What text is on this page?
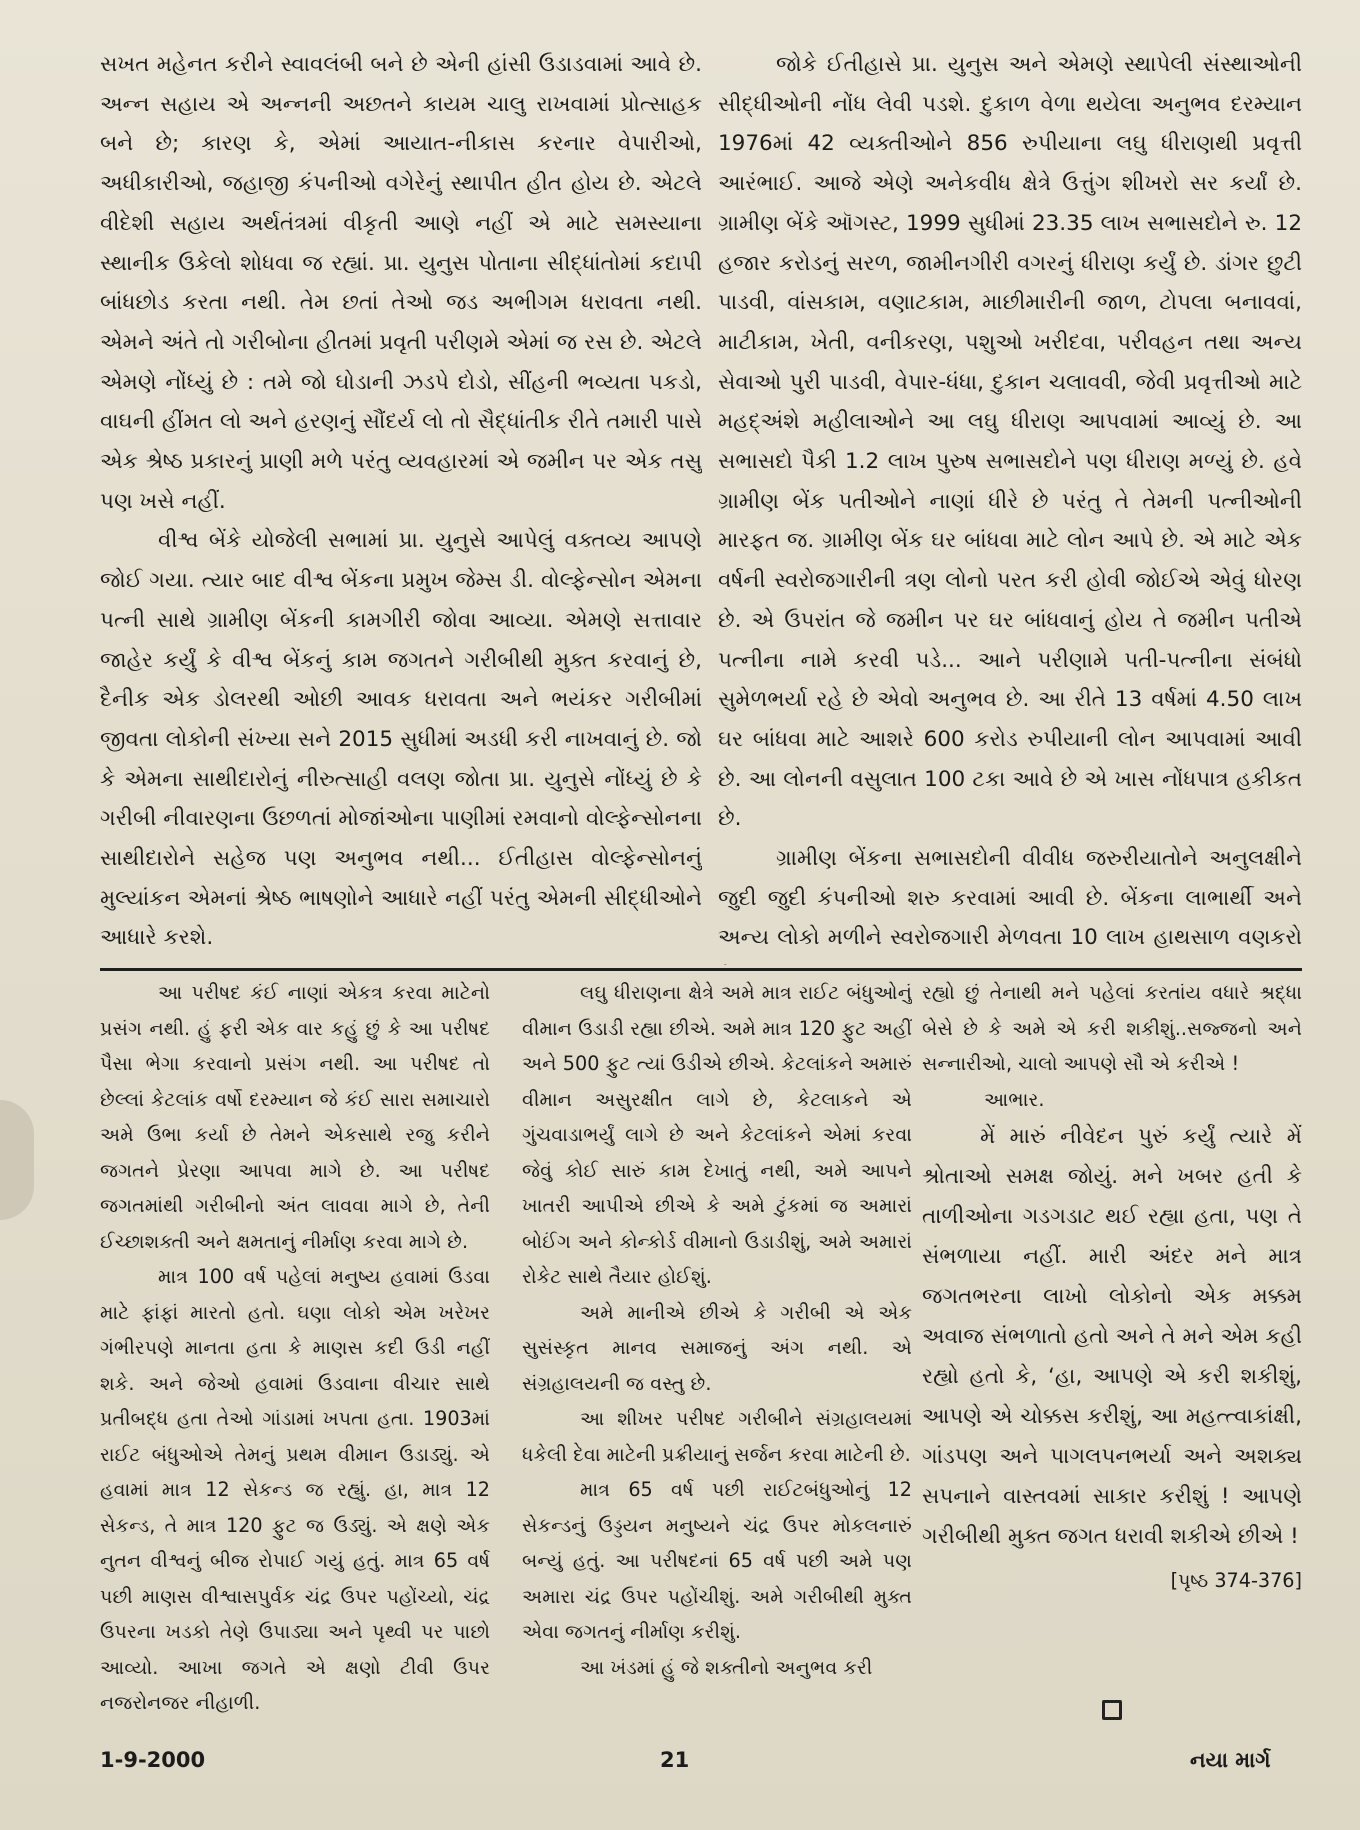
સખત મહેનત કરીને સ્વાવલંબી બને છે એની હાંસી ઉડાડવામાં આવે છે. અન્ન સહાય એ અન્નની અછતને કાયમ ચાલુ રાખવામાં પ્રોત્સાહક બને છે; કારણ કે, એમાં આયાત-નીકાસ કરનાર વેપારીઓ, અધીકારીઓ, જહાજી કંપનીઓ વગેરેનું સ્થાપીત હીત હોય છે. એટલે વીદેશી સહાય અર્થતંત્રમાં વીકૃતી આણે નહીં એ માટે સમસ્યાના સ્થાનીક ઉકેલો શોધવા જ રહ્યાં. પ્રા. યુનુસ પોતાના સીદ્ધાંતોમાં કદાપી બાંધછોડ કરતા નથી. તેમ છતાં તેઓ જડ અભીગમ ધરાવતા નથી. એમને અંતે તો ગરીબોના હીતમાં પ્રવૃતી પરીણમે એમાં જ રસ છે. એટલે એમણે નોંધ્યું છે : તમે જો ઘોડાની ઝડપે દોડો, સીંહની ભવ્યતા પકડો, વાઘની હીંમત લો અને હરણનું સૌંદર્ય લો તો સૈદ્ધાંતીક રીતે તમારી પાસે એક શ્રેષ્ઠ પ્રકારનું પ્રાણી મળે પરંતુ વ્યવહારમાં એ જમીન પર એક તસુ પણ ખસે નહીં.

વીશ્વ બેંકે યોજેલી સભામાં પ્રા. યુનુસે આપેલું વક્તવ્ય આપણે જોઈ ગયા. ત્યાર બાદ વીશ્વ બેંકના પ્રમુખ જેમ્સ ડી. વોલ્ફેન્સોન એમના પત્ની સાથે ગ્રામીણ બેંકની કામગીરી જોવા આવ્યા. એમણે સત્તાવાર જાહેર કર્યું કે વીશ્વ બેંકનું કામ જગતને ગરીબીથી મુક્ત કરવાનું છે, દૈનીક એક ડોલરથી ઓછી આવક ધરાવતા અને ભયંકર ગરીબીમાં જીવતા લોકોની સંખ્યા સને 2015 સુધીમાં અડધી કરી નાખવાનું છે. જો કે એમના સાથીદારોનું નીરુત્સાહી વલણ જોતા પ્રા. યુનુસે નોંધ્યું છે કે ગરીબી નીવારણના ઉછળતાં મોજાંઓના પાણીમાં રમવાનો વોલ્ફેન્સોનના સાથીદારોને સહેજ પણ અનુભવ નથી... ઈતીહાસ વોલ્ફેન્સોનનું મુલ્યાંકન એમનાં શ્રેષ્ઠ ભાષણોને આધારે નહીં પરંતુ એમની સીદ્ધીઓને આધારે કરશે.

જોકે ઈતીહાસે પ્રા. યુનુસ અને એમણે સ્થાપેલી સંસ્થાઓની સીદ્ધીઓની નોંધ લેવી પડશે. દુકાળ વેળા થયેલા અનુભવ દરમ્યાન 1976માં 42 વ્યક્તીઓને 856 રુપીયાના લઘુ ધીરાણથી પ્રવૃત્તી આરંભાઈ. આજે એણે અનેકવીધ ક્ષેત્રે ઉત્તુંગ શીખરો સર કર્યાં છે. ગ્રામીણ બેંકે ઑગસ્ટ, 1999 સુધીમાં 23.35 લાખ સભાસદોને રુ. 12 હજાર કરોડનું સરળ, જામીનગીરી વગરનું ધીરાણ કર્યું છે. ડાંગર છુટી પાડવી, વાંસકામ, વણાટકામ, માછીમારીની જાળ, ટોપલા બનાવવાં, માટીકામ, ખેતી, વનીકરણ, પશુઓ ખરીદવા, પરીવહન તથા અન્ય સેવાઓ પુરી પાડવી, વેપાર-ધંધા, દુકાન ચલાવવી, જેવી પ્રવૃત્તીઓ માટે મહદ્અંશે મહીલાઓને આ લઘુ ધીરાણ આપવામાં આવ્યું છે. આ સભાસદો પૈકી 1.2 લાખ પુરુષ સભાસદોને પણ ધીરાણ મળ્યું છે. હવે ગ્રામીણ બેંક પતીઓને નાણાં ધીરે છે પરંતુ તે તેમની પત્નીઓની મારફત જ. ગ્રામીણ બેંક ઘર બાંધવા માટે લોન આપે છે. એ માટે એક વર્ષની સ્વરોજગારીની ત્રણ લોનો પરત કરી હોવી જોઈએ એવું ધોરણ છે. એ ઉપરાંત જે જમીન પર ઘર બાંધવાનું હોય તે જમીન પતીએ પત્નીના નામે કરવી પડે... આને પરીણામે પતી-પત્નીના સંબંધો સુમેળભર્યા રહે છે એવો અનુભવ છે. આ રીતે 13 વર્ષમાં 4.50 લાખ ઘર બાંધવા માટે આશરે 600 કરોડ રુપીયાની લોન આપવામાં આવી છે. આ લોનની વસુલાત 100 ટકા આવે છે એ ખાસ નોંધપાત્ર હકીકત છે.

ગ્રામીણ બેંકના સભાસદોની વીવીધ જરુરીયાતોને અનુલક્ષીને જુદી જુદી કંપનીઓ શરુ કરવામાં આવી છે. બેંકના લાભાર્થી અને અન્ય લોકો મળીને સ્વરોજગારી મેળવતા 10 લાખ હાથસાળ વણકરો

આ પરીષદ કંઈ નાણાં એકત્ર કરવા માટેનો પ્રસંગ નથી. હું ફરી એક વાર કહું છું કે આ પરીષદ પૈસા ભેગા કરવાનો પ્રસંગ નથી. આ પરીષદ તો છેલ્લાં કેટલાંક વર્ષો દરમ્યાન જે કંઈ સારા સમાચારો અમે ઉભા કર્યા છે તેમને એકસાથે રજુ કરીને જગતને પ્રેરણા આપવા માગે છે. આ પરીષદ જગતમાંથી ગરીબીનો અંત લાવવા માગે છે, તેની ઈચ્છાશક્તી અને ક્ષમતાનું નીર્માણ કરવા માગે છે.

માત્ર 100 વર્ષ પહેલાં મનુષ્ય હવામાં ઉડવા માટે ફાંફાં મારતો હતો. ઘણા લોકો એમ ખરેખર ગંભીરપણે માનતા હતા કે માણસ કદી ઉડી નહીં શકે. અને જેઓ હવામાં ઉડવાના વીચાર સાથે પ્રતીબદ્ધ હતા તેઓ ગાંડામાં ખપતા હતા. 1903માં રાઈટ બંધુઓએ તેમનું પ્રથમ વીમાન ઉડાડ્યું. એ હવામાં માત્ર 12 સેકન્ડ જ રહ્યું. હા, માત્ર 12 સેકન્ડ, તે માત્ર 120 ફુટ જ ઉડ્યું. એ ક્ષણે એક નુતન વીશ્વનું બીજ રોપાઈ ગયું હતું. માત્ર 65 વર્ષ પછી માણસ વીશ્વાસપુર્વક ચંદ્ર ઉપર પહોંચ્યો, ચંદ્ર ઉપરના ખડકો તેણે ઉપાડ્યા અને પૃથ્વી પર પાછો આવ્યો. આખા જગતે એ ક્ષણો ટીવી ઉપર નજરોનજર નીહાળી.

લઘુ ધીરાણના ક્ષેત્રે અમે માત્ર રાઈટ બંધુઓનું વીમાન ઉડાડી રહ્યા છીએ. અમે માત્ર 120 ફુટ અહીં અને 500 ફુટ ત્યાં ઉડીએ છીએ. કેટલાંકને અમારું વીમાન અસુરક્ષીત લાગે છે, કેટલાકને એ ગુંચવાડાભર્યું લાગે છે અને કેટલાંકને એમાં કરવા જેવું કોઈ સારું કામ દેખાતું નથી, અમે આપને ખાતરી આપીએ છીએ કે અમે ટુંકમાં જ અમારાં બોઈંગ અને કોન્કોર્ડ વીમાનો ઉડાડીશું, અમે અમારાં રોકેટ સાથે તૈયાર હોઈશું.

અમે માનીએ છીએ કે ગરીબી એ એક સુસંસ્કૃત માનવ સમાજનું અંગ નથી. એ સંગ્રહાલયની જ વસ્તુ છે.

આ શીખર પરીષદ ગરીબીને સંગ્રહાલયમાં ધકેલી દેવા માટેની પ્રક્રીયાનું સર્જન કરવા માટેની છે.

માત્ર 65 વર્ષ પછી રાઈટબંધુઓનું 12 સેકન્ડનું ઉડ્ડયન મનુષ્યને ચંદ્ર ઉપર મોકલનારું બન્યું હતું. આ પરીષદનાં 65 વર્ષ પછી અમે પણ અમારા ચંદ્ર ઉપર પહોંચીશું. અમે ગરીબીથી મુક્ત એવા જગતનું નીર્માણ કરીશું.

આ ખંડમાં હું જે શક્તીનો અનુભવ કરી

રહ્યો છું તેનાથી મને પહેલાં કરતાંય વધારે શ્રદ્ધા બેસે છે કે અમે એ કરી શકીશું..સજ્જનો અને સન્નારીઓ, ચાલો આપણે સૌ એ કરીએ !

આભાર.

મેં મારું નીવેદન પુરું કર્યું ત્યારે મેં શ્રોતાઓ સમક્ષ જોયું. મને ખબર હતી કે તાળીઓના ગડગડાટ થઈ રહ્યા હતા, પણ તે સંભળાયા નહીં. મારી અંદર મને માત્ર જગતભરના લાખો લોકોનો એક મક્કમ અવાજ સંભળાતો હતો અને તે મને એમ કહી રહ્યો હતો કે, ‘હા, આપણે એ કરી શકીશું, આપણે એ ચોક્કસ કરીશું, આ મહત્ત્વાકાંક્ષી, ગાંડપણ અને પાગલપનભર્યા અને અશક્ય સપનાને વાસ્તવમાં સાકાર કરીશું ! આપણે ગરીબીથી મુક્ત જગત ધરાવી શકીએ છીએ !

[પૃષ્ઠ 374-376]

1-9-2000	21	નયા માર્ગ
